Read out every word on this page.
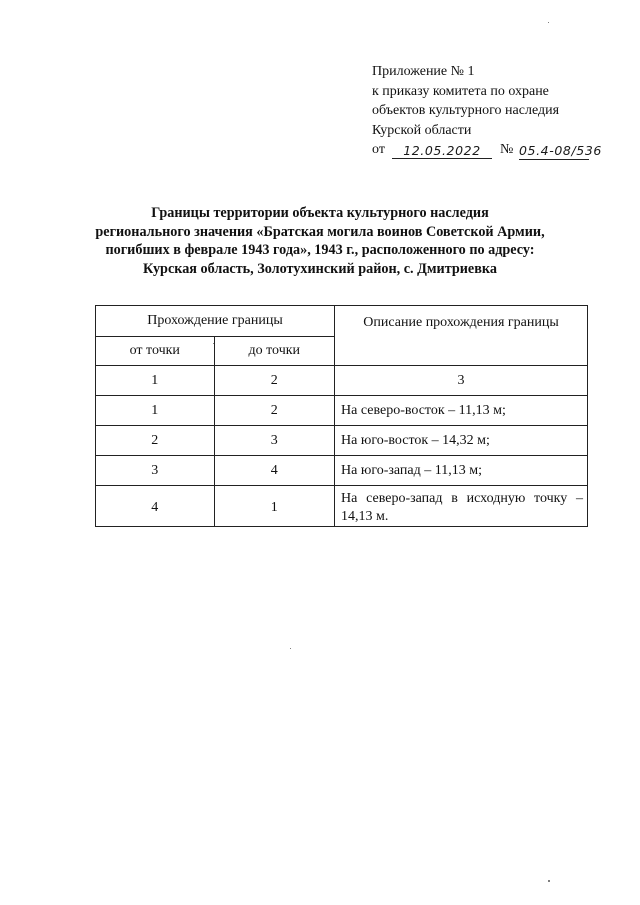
Приложение № 1
к приказу комитета по охране
объектов культурного наследия
Курской области
от	12.05.2022	№ 05.4-08/536
Границы территории объекта культурного наследия
регионального значения «Братская могила воинов Советской Армии,
погибших в феврале 1943 года», 1943 г., расположенного по адресу:
Курская область, Золотухинский район, с. Дмитриевка
Прохождение границы		Описание прохождения границы
от точки	до точки	
1	2	3
1	2	На северо-восток – 11,13 м;
2	3	На юго-восток – 14,32 м;
3	4	На юго-запад – 11,13 м;
4	1	На северо-запад в исходную точку – 14,13 м.
